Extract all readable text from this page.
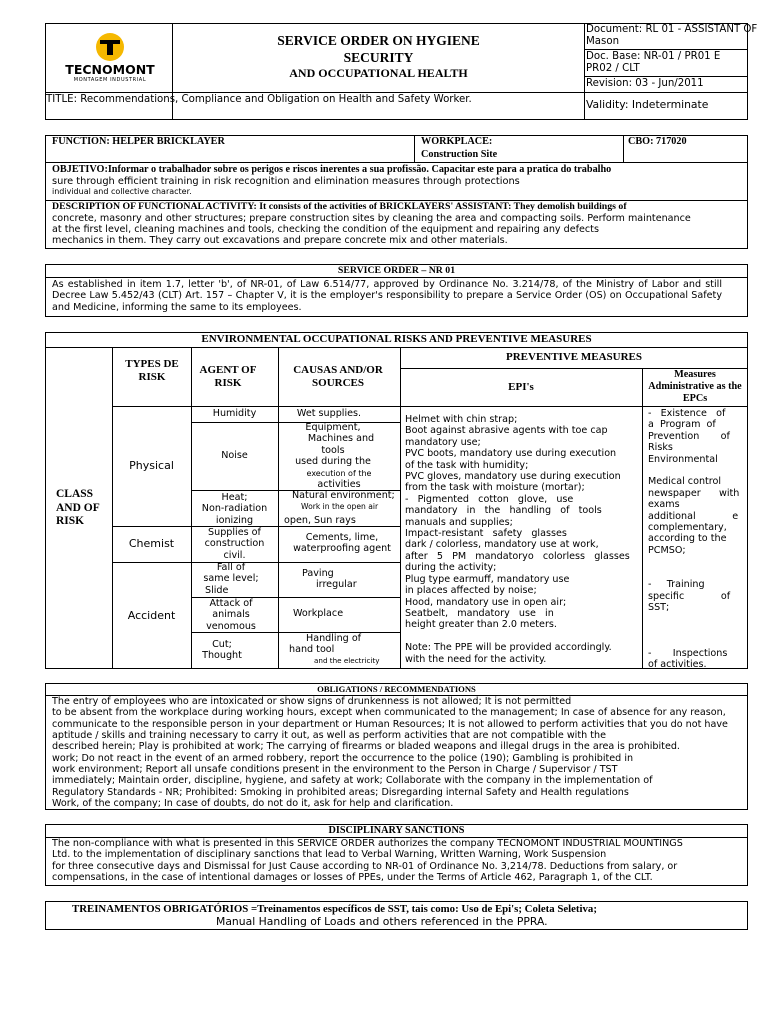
TECNOMONT
MONTAGEM INDUSTRIAL
SERVICE ORDER ON HYGIENE
SECURITY
AND OCCUPATIONAL HEALTH
Document: RL 01 - ASSISTANT OF Mason
Doc. Base: NR-01 / PR01 E PR02 / CLT
Revision: 03 - Jun/2011
Validity: Indeterminate
TITLE: Recommendations, Compliance and Obligation on Health and Safety Worker.
FUNCTION: HELPER BRICKLAYER	WORKPLACE:
Construction Site
CBO: 717020
OBJETIVO:Informar o trabalhador sobre os perigos e riscos inerentes a sua profissão. Capacitar este para a pratica do trabalho
sure through efficient training in risk recognition and elimination measures through protections
individual and collective character.
DESCRIPTION OF FUNCTIONAL ACTIVITY: It consists of the activities of BRICKLAYERS' ASSISTANT: They demolish buildings of
concrete, masonry and other structures; prepare construction sites by cleaning the area and compacting soils. Perform maintenance
at the first level, cleaning machines and tools, checking the condition of the equipment and repairing any defects
mechanics in them. They carry out excavations and prepare concrete mix and other materials.
SERVICE ORDER – NR 01
As established in item 1.7, letter 'b', of NR-01, of Law 6.514/77, approved by Ordinance No. 3.214/78, of the Ministry of Labor and still Decree Law 5.452/43 (CLT) Art. 157 – Chapter V, it is the employer's responsibility to prepare a Service Order (OS) on Occupational Safety and Medicine, informing the same to its employees.
ENVIRONMENTAL OCCUPATIONAL RISKS AND PREVENTIVE MEASURES
TYPES DE RISK
AGENT OF RISK
CAUSAS AND/OR SOURCES
PREVENTIVE MEASURES
EPI's
Measures Administrative as the EPCs
CLASS AND OF RISK
Physical
Chemist
Accident
Humidity
Noise
Heat;
Non-radiation
ionizing
Supplies of
construction
civil.
Fall of
same level;
Slide
Attack of
animals
venomous
Cut;
Thought
Wet supplies.
Equipment,
Machines and
tools
used during the
execution of the
activities
Natural environment;
Work in the open air
open, Sun rays
Cements, lime,
waterproofing agent
Paving
irregular
Workplace
Handling of
hand tool
and the electricity
Helmet with chin strap;
Boot against abrasive agents with toe cap
mandatory use;
PVC boots, mandatory use during execution
of the task with humidity;
PVC gloves, mandatory use during execution
from the task with moisture (mortar);
-   Pigmented   cotton   glove,   use
mandatory   in   the   handling   of   tools
manuals and supplies;
Impact-resistant   safety   glasses
dark / colorless, mandatory use at work,
after   5   PM   mandatoryo   colorless   glasses
during the activity;
Plug type earmuff, mandatory use
in places affected by noise;
Hood, mandatory use in open air;
Seatbelt,   mandatory   use   in
height greater than 2.0 meters.

Note: The PPE will be provided accordingly.
with the need for the activity.
-   Existence   of
a  Program  of
Prevention       of
Risks
Environmental

Medical control
newspaper      with
exams
additional            e
complementary,
according to the
PCMSO;

-     Training
specific            of
SST;

-       Inspections
of activities.
OBLIGATIONS / RECOMMENDATIONS
The entry of employees who are intoxicated or show signs of drunkenness is not allowed; It is not permitted
to be absent from the workplace during working hours, except when communicated to the management; In case of absence for any reason,
communicate to the responsible person in your department or Human Resources; It is not allowed to perform activities that you do not have
aptitude / skills and training necessary to carry it out, as well as perform activities that are not compatible with the
described herein; Play is prohibited at work; The carrying of firearms or bladed weapons and illegal drugs in the area is prohibited.
work; Do not react in the event of an armed robbery, report the occurrence to the police (190); Gambling is prohibited in
work environment; Report all unsafe conditions present in the environment to the Person in Charge / Supervisor / TST
immediately; Maintain order, discipline, hygiene, and safety at work; Collaborate with the company in the implementation of
Regulatory Standards - NR; Prohibited: Smoking in prohibited areas; Disregarding internal Safety and Health regulations
Work, of the company; In case of doubts, do not do it, ask for help and clarification.
DISCIPLINARY SANCTIONS
The non-compliance with what is presented in this SERVICE ORDER authorizes the company TECNOMONT INDUSTRIAL MOUNTINGS
Ltd. to the implementation of disciplinary sanctions that lead to Verbal Warning, Written Warning, Work Suspension
for three consecutive days and Dismissal for Just Cause according to NR-01 of Ordinance No. 3,214/78. Deductions from salary, or
compensations, in the case of intentional damages or losses of PPEs, under the Terms of Article 462, Paragraph 1, of the CLT.
TREINAMENTOS OBRIGATÓRIOS =Treinamentos específicos de SST, tais como: Uso de Epi's; Coleta Seletiva;
Manual Handling of Loads and others referenced in the PPRA.
